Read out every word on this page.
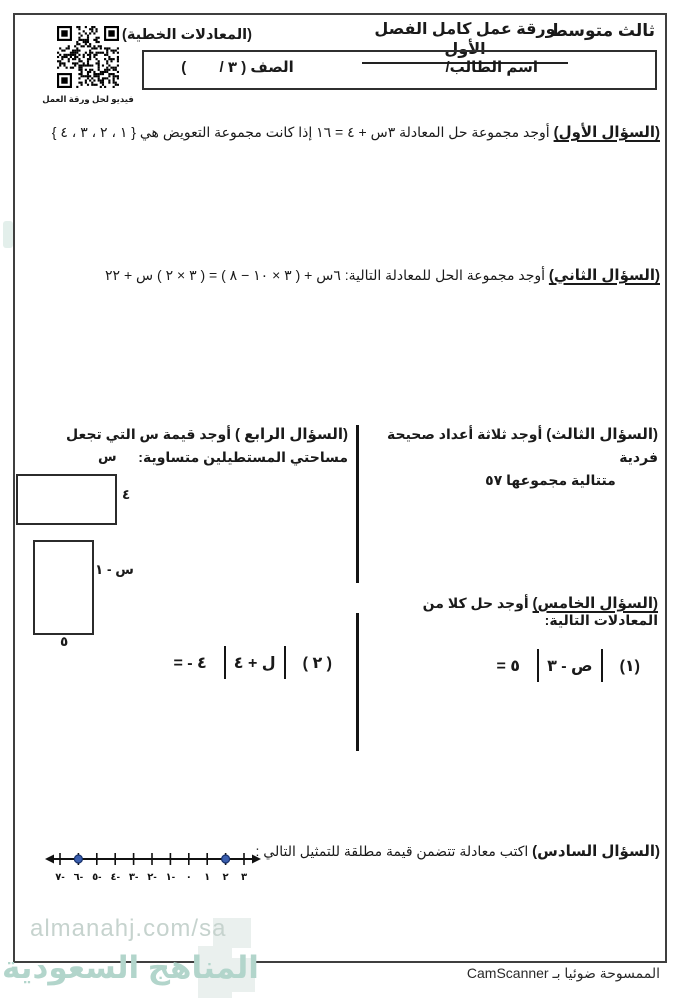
ثالث متوسط
ورقة عمل كامل الفصل الأول
(المعادلات الخطية)
اسم الطالب/
الصف ( ٣ /        )
فيديو لحل ورقة العمل
(السؤال الأول) أوجد مجموعة حل المعادلة ٣س + ٤ = ١٦ إذا كانت مجموعة التعويض هي { ١ ، ٢ ، ٣ ، ٤ }
(السؤال الثاني) أوجد مجموعة الحل للمعادلة التالية: ٦س + ( ٣ × ١٠ − ٨ ) = ( ٣ × ٢ ) س + ٢٢
(السؤال الثالث) أوجد ثلاثة أعداد صحيحة فردية
متتالية مجموعها ٥٧
(السؤال الرابع ) أوجد قيمة س التي تجعل
مساحتي المستطيلين متساوية:
س
٤
س - ١
٥
(السؤال الخامس) أوجد حل كلا من المعادلات التالية:
(١)
ص - ٣
= ٥
( ٢ )
ل + ٤
= - ٤
(السؤال السادس) اكتب معادلة تتضمن قيمة مطلقة للتمثيل التالي :
٧- ٦- ٥- ٤- ٣- ٢- ١- ٠ ١ ٢ ٣
almanahj.com/sa
المناهج السعودية	الممسوحة ضوئيا بـ CamScanner
